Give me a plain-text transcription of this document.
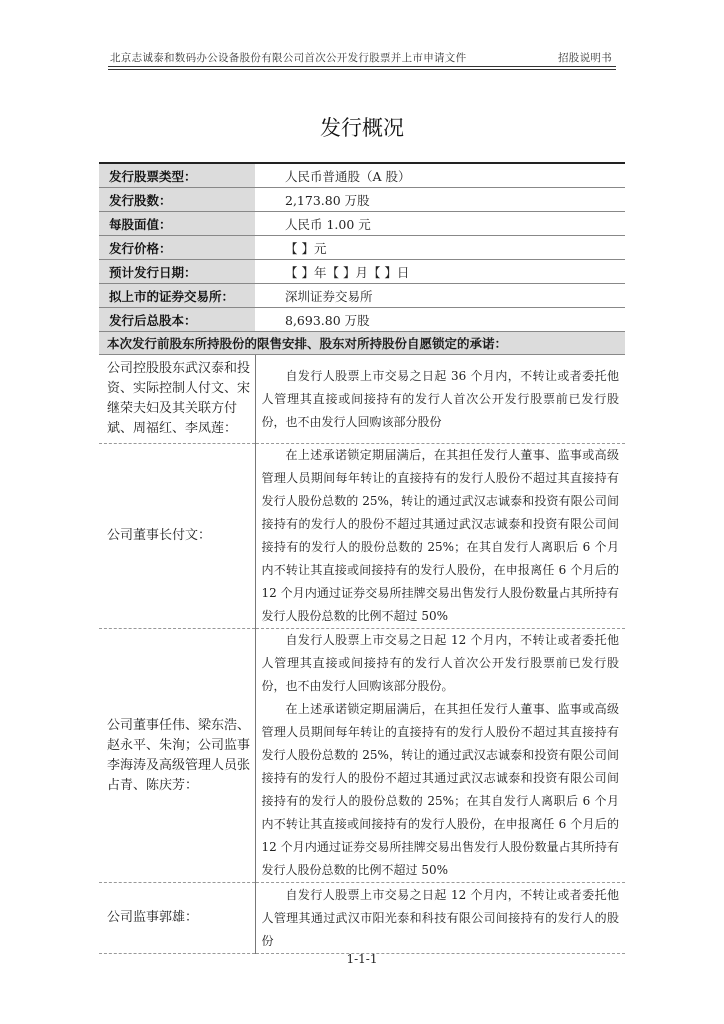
北京志诚泰和数码办公设备股份有限公司首次公开发行股票并上市申请文件	招股说明书
发行概况
发行股票类型：	人民币普通股（A 股）
发行股数：	2,173.80 万股
每股面值：	人民币 1.00 元
发行价格：	【 】元
预计发行日期：	【 】年【 】月【 】日
拟上市的证券交易所：	深圳证券交易所
发行后总股本：	8,693.80 万股
本次发行前股东所持股份的限售安排、股东对所持股份自愿锁定的承诺：	
公司控股股东武汉泰和投资、实际控制人付文、宋继荣夫妇及其关联方付斌、周福红、李凤莲：	自发行人股票上市交易之日起 36 个月内，不转让或者委托他人管理其直接或间接持有的发行人首次公开发行股票前已发行股份，也不由发行人回购该部分股份

公司董事长付文：	在上述承诺锁定期届满后，在其担任发行人董事、监事或高级管理人员期间每年转让的直接持有的发行人股份不超过其直接持有发行人股份总数的 25%，转让的通过武汉志诚泰和投资有限公司间接持有的发行人的股份不超过其通过武汉志诚泰和投资有限公司间接持有的发行人的股份总数的 25%；在其自发行人离职后 6 个月内不转让其直接或间接持有的发行人股份，在申报离任 6 个月后的 12 个月内通过证券交易所挂牌交易出售发行人股份数量占其所持有发行人股份总数的比例不超过 50%

公司董事任伟、梁东浩、赵永平、朱洵；公司监事李海涛及高级管理人员张占青、陈庆芳：	自发行人股票上市交易之日起 12 个月内，不转让或者委托他人管理其直接或间接持有的发行人首次公开发行股票前已发行股份，也不由发行人回购该部分股份。

在上述承诺锁定期届满后，在其担任发行人董事、监事或高级管理人员期间每年转让的直接持有的发行人股份不超过其直接持有发行人股份总数的 25%，转让的通过武汉志诚泰和投资有限公司间接持有的发行人的股份不超过其通过武汉志诚泰和投资有限公司间接持有的发行人的股份总数的 25%；在其自发行人离职后 6 个月内不转让其直接或间接持有的发行人股份，在申报离任 6 个月后的 12 个月内通过证券交易所挂牌交易出售发行人股份数量占其所持有发行人股份总数的比例不超过 50%

公司监事郭雄：	自发行人股票上市交易之日起 12 个月内，不转让或者委托他人管理其通过武汉市阳光泰和科技有限公司间接持有的发行人的股份

1-1-1
